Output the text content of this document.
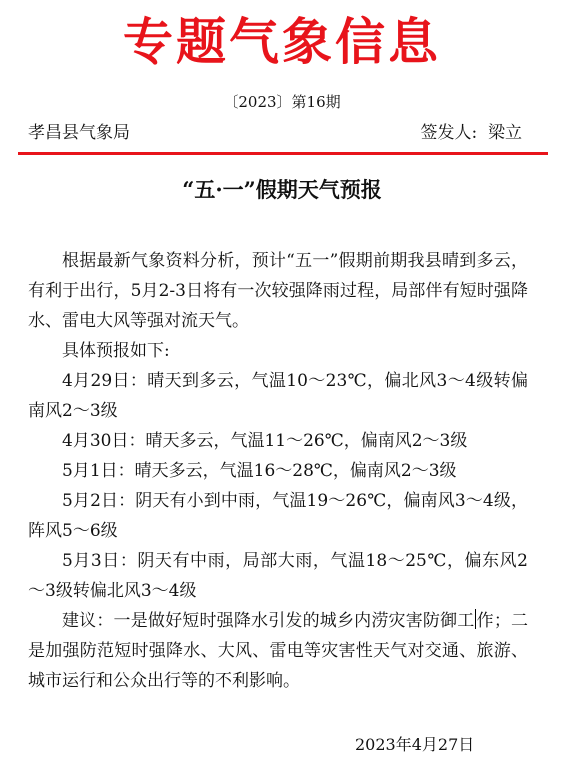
专题气象信息
〔2023〕第16期
孝昌县气象局	签发人:  梁立
“五·一”假期天气预报

根据最新气象资料分析，预计“五一”假期前期我县晴到多云，有利于出行，5月2-3日将有一次较强降雨过程，局部伴有短时强降水、雷电大风等强对流天气。

具体预报如下:

4月29日：晴天到多云，气温10～23℃，偏北风3～4级转偏南风2～3级

4月30日：晴天多云，气温11～26℃，偏南风2～3级

5月1日：晴天多云，气温16～28℃，偏南风2～3级

5月2日：阴天有小到中雨，气温19～26℃，偏南风3～4级，阵风5～6级

5月3日：阴天有中雨，局部大雨，气温18～25℃，偏东风2～3级转偏北风3～4级

建议：一是做好短时强降水引发的城乡内涝灾害防御工 作；二是加强防范短时强降水、大风、雷电等灾害性天气对交通、旅游、城市运行和公众出行等的不利影响。

2023年4月27日
